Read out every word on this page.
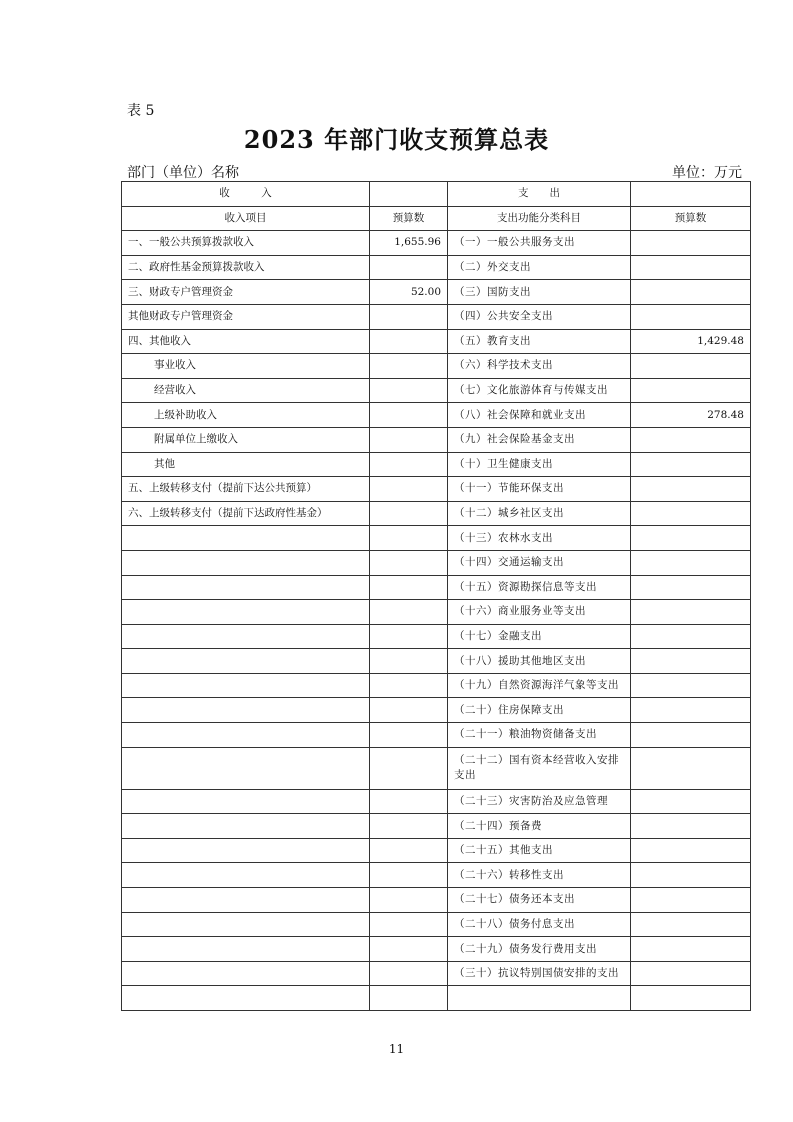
表 5
2023 年部门收支预算总表
部门（单位）名称	单位：万元
收　　　入		支　　出	
收入项目	预算数	支出功能分类科目	预算数
一、一般公共预算拨款收入	1,655.96	（一）一般公共服务支出	
二、政府性基金预算拨款收入		（二）外交支出	
三、财政专户管理资金	52.00	（三）国防支出	
其他财政专户管理资金		（四）公共安全支出	
四、其他收入		（五）教育支出	1,429.48
事业收入		（六）科学技术支出	
经营收入		（七）文化旅游体育与传媒支出	
上级补助收入		（八）社会保障和就业支出	278.48
附属单位上缴收入		（九）社会保险基金支出	
其他		（十）卫生健康支出	
五、上级转移支付（提前下达公共预算）		（十一）节能环保支出	
六、上级转移支付（提前下达政府性基金）		（十二）城乡社区支出	
		（十三）农林水支出	
		（十四）交通运输支出	
		（十五）资源勘探信息等支出	
		（十六）商业服务业等支出	
		（十七）金融支出	
		（十八）援助其他地区支出	
		（十九）自然资源海洋气象等支出	
		（二十）住房保障支出	
		（二十一）粮油物资储备支出	
		（二十二）国有资本经营收入安排支出	
		（二十三）灾害防治及应急管理	
		（二十四）预备费	
		（二十五）其他支出	
		（二十六）转移性支出	
		（二十七）债务还本支出	
		（二十八）债务付息支出	
		（二十九）债务发行费用支出	
		（三十）抗议特别国债安排的支出	

11
